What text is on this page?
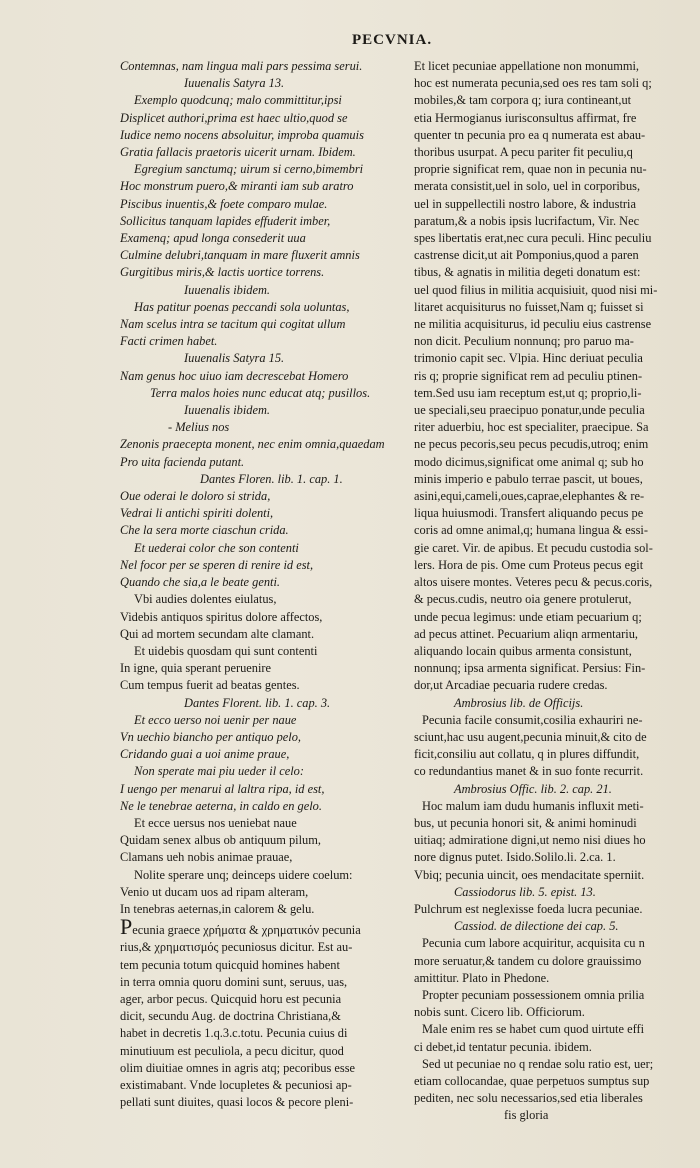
PECVNIA.
Contemnas, nam lingua mali pars pessima serui.
Iuuenalis Satyra 13.
Exemplo quodcunq; malo committitur,ipsi
Displicet authori,prima est haec ultio,quod se
Iudice nemo nocens absoluitur, improba quamuis
Gratia fallacis praetoris uicerit urnam. Ibidem.
Egregium sanctumq; uirum si cerno,bimembri
Hoc monstrum puero,& miranti iam sub aratro
Piscibus inuentis,& foete comparo mulae.
Sollicitus tanquam lapides effuderit imber,
Examenq; apud longa consederit uua
Culmine delubri,tanquam in mare fluxerit amnis
Gurgitibus miris,& lactis uortice torrens.
Iuuenalis ibidem.
Has patitur poenas peccandi sola uoluntas,
Nam scelus intra se tacitum qui cogitat ullum
Facti crimen habet.
Iuuenalis Satyra 15.
Nam genus hoc uiuo iam decrescebat Homero
Terra malos hoies nunc educat atq; pusillos.
Iuuenalis ibidem.
- Melius nos
Zenonis praecepta monent, nec enim omnia,quaedam
Pro uita facienda putant.
Dantes Floren. lib. 1. cap. 1.
Oue oderai le doloro si strida,
Vedrai li antichi spiriti dolenti,
Che la sera morte ciaschun crida.
Et uederai color che son contenti
Nel focor per se speren di renire id est,
Quando che sia,a le beate genti.
Vbi audies dolentes eiulatus,
Videbis antiquos spiritus dolore affectos,
Qui ad mortem secundam alte clamant.
Et uidebis quosdam qui sunt contenti
In igne, quia sperant peruenire
Cum tempus fuerit ad beatas gentes.
Dantes Florent. lib. 1. cap. 3.
Et ecco uerso noi uenir per naue
Vn uechio biancho per antiquo pelo,
Cridando guai a uoi anime praue,
Non sperate mai piu ueder il celo:
I uengo per menarui al laltra ripa, id est,
Ne le tenebrae aeterna, in caldo en gelo.
Et ecce uersus nos ueniebat naue
Quidam senex albus ob antiquum pilum,
Clamans ueh nobis animae prauae,
Nolite sperare unq; deinceps uidere coelum:
Venio ut ducam uos ad ripam alteram,
In tenebras aeternas,in calorem & gelu.
Pecunia graece χρήματα & χρηματικόν pecunia
rius,& χρηματισμός pecuniosus dicitur. Est au-
tem pecunia totum quicquid homines habent
in terra omnia quoru domini sunt, seruus, uas,
ager, arbor pecus. Quicquid horu est pecunia
dicit, secundu Aug. de doctrina Christiana,&
habet in decretis 1.q.3.c.totu. Pecunia cuius di
minutiuum est peculiola, a pecu dicitur, quod
olim diuitiae omnes in agris atq; pecoribus esse
existimabant. Vnde locupletes & pecuniosi ap-
pellati sunt diuites, quasi locos & pecore pleni-
Et licet pecuniae appellatione non monummi,
hoc est numerata pecunia,sed oes res tam soli q;
mobiles,& tam corpora q; iura contineant,ut
etia Hermogianus iurisconsultus affirmat, fre
quenter tn pecunia pro ea q numerata est abau-
thoribus usurpat. A pecu pariter fit peculiu,q
proprie significat rem, quae non in pecunia nu-
merata consistit,uel in solo, uel in corporibus,
uel in suppellectili nostro labore, & industria
paratum,& a nobis ipsis lucrifactum, Vir. Nec
spes libertatis erat,nec cura peculi. Hinc peculiu
castrense dicit,ut ait Pomponius,quod a paren
tibus, & agnatis in militia degeti donatum est:
uel quod filius in militia acquisiuit, quod nisi mi-
litaret acquisiturus no fuisset,Nam q; fuisset si
ne militia acquisiturus, id peculiu eius castrense
non dicit. Peculium nonnunq; pro paruo ma-
trimonio capit sec. Vlpia. Hinc deriuat peculia
ris q; proprie significat rem ad peculiu ptinen-
tem.Sed usu iam receptum est,ut q; proprio,li-
ue speciali,seu praecipuo ponatur,unde peculia
riter aduerbiu, hoc est specialiter, praecipue. Sa
ne pecus pecoris,seu pecus pecudis,utroq; enim
modo dicimus,significat ome animal q; sub ho
minis imperio e pabulo terrae pascit, ut boues,
asini,equi,cameli,oues,caprae,elephantes & re-
liqua huiusmodi. Transfert aliquando pecus pe
coris ad omne animal,q; humana lingua & essi-
gie caret. Vir. de apibus. Et pecudu custodia sol-
lers. Hora de pis. Ome cum Proteus pecus egit
altos uisere montes. Veteres pecu & pecus.coris,
& pecus.cudis, neutro oia genere protulerut,
unde pecua legimus: unde etiam pecuarium q;
ad pecus attinet. Pecuarium aliqn armentariu,
aliquando locain quibus armenta consistunt,
nonnunq; ipsa armenta significat. Persius: Fin-
dor,ut Arcadiae pecuaria rudere credas.
Ambrosius lib. de Officijs.
Pecunia facile consumit,cosilia exhauriri ne-
sciunt,hac usu augent,pecunia minuit,& cito de
ficit,consiliu aut collatu, q in plures diffundit,
co redundantius manet & in suo fonte recurrit.
Ambrosius Offic. lib. 2. cap. 21.
Hoc malum iam dudu humanis influxit meti-
bus, ut pecunia honori sit, & animi hominudi
uitiaq; admiratione digni,ut nemo nisi diues ho
nore dignus putet. Isido.Solilo.li. 2.ca. 1.
Vbiq; pecunia uincit, oes mendacitate sperniit.
Cassiodorus lib. 5. epist. 13.
Pulchrum est neglexisse foeda lucra pecuniae.
Cassiod. de dilectione dei cap. 5.
Pecunia cum labore acquiritur, acquisita cu n
more seruatur,& tandem cu dolore grauissimo
amittitur. Plato in Phedone.
Propter pecuniam possessionem omnia prilia
nobis sunt. Cicero lib. Officiorum.
Male enim res se habet cum quod uirtute effi
ci debet,id tentatur pecunia. ibidem.
Sed ut pecuniae no q rendae solu ratio est, uer;
etiam collocandae, quae perpetuos sumptus sup
pediten, nec solu necessarios,sed etia liberales
fis gloria
